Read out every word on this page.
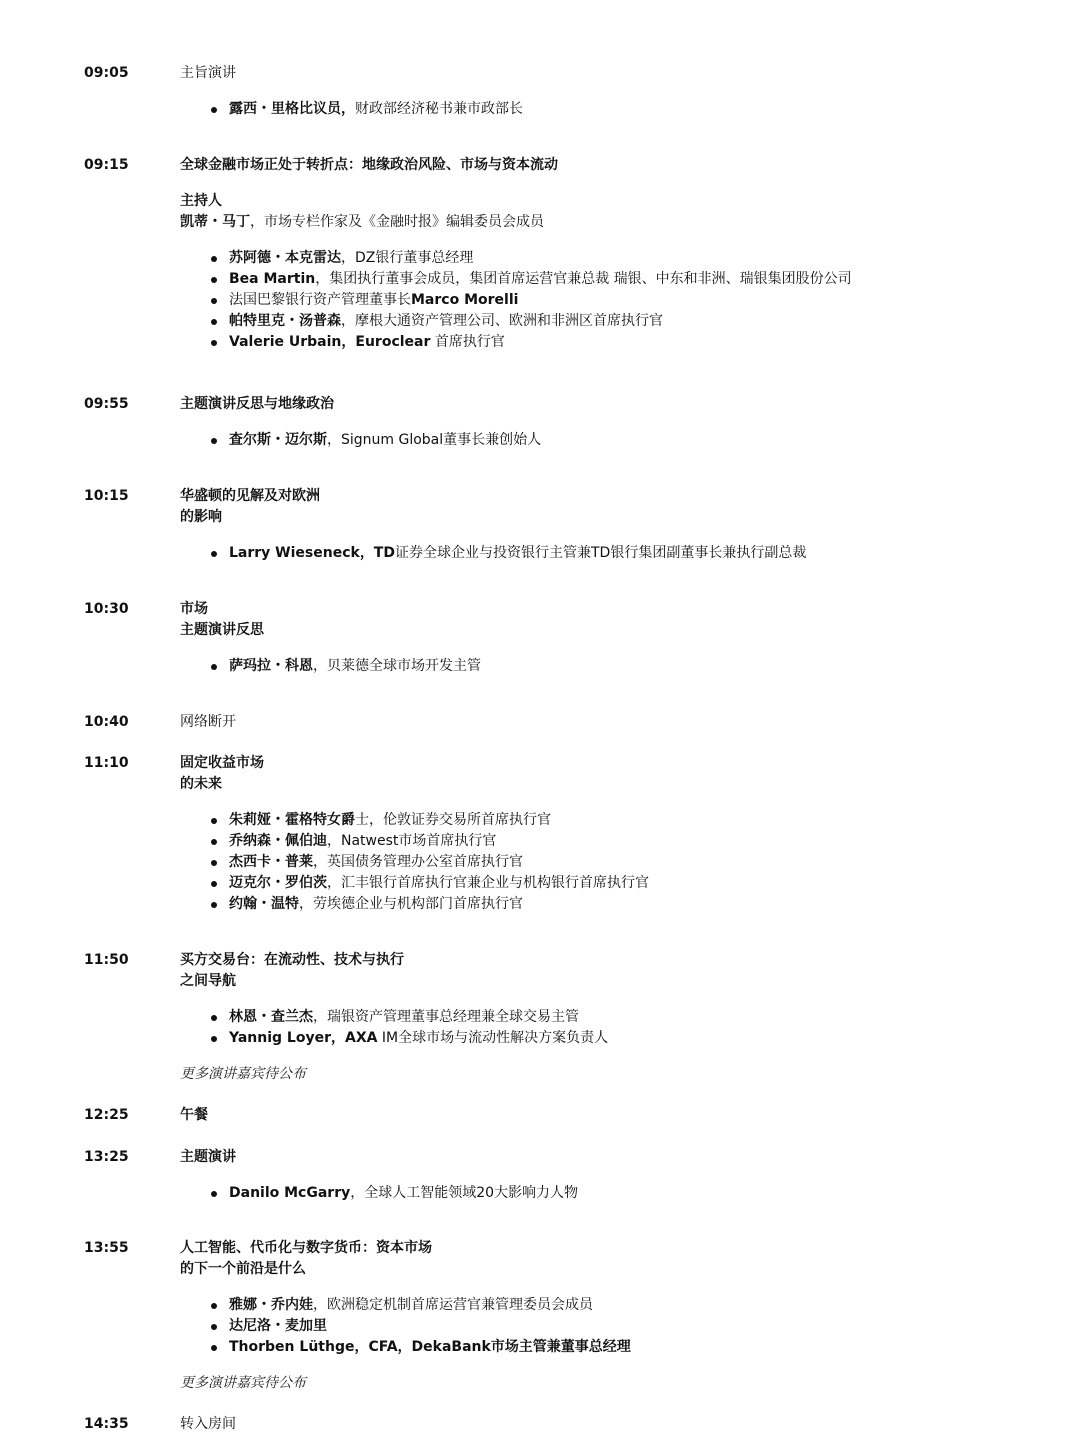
09:05	主旨演讲
露西・里格比议员，财政部经济秘书兼市政部长
09:15	全球金融市场正处于转折点：地缘政治风险、市场与资本流动
主持人
凯蒂・马丁，市场专栏作家及《金融时报》编辑委员会成员
苏阿德・本克雷达，DZ银行董事总经理
Bea Martin，集团执行董事会成员，集团首席运营官兼总裁 瑞银、中东和非洲、瑞银集团股份公司
法国巴黎银行资产管理董事长Marco Morelli
帕特里克・汤普森，摩根大通资产管理公司、欧洲和非洲区首席执行官
Valerie Urbain，Euroclear 首席执行官
09:55	主题演讲反思与地缘政治
查尔斯・迈尔斯，Signum Global董事长兼创始人
10:15	华盛顿的见解及对欧洲
的影响
Larry Wieseneck，TD证券全球企业与投资银行主管兼TD银行集团副董事长兼执行副总裁
10:30	市场
主题演讲反思
萨玛拉・科恩，贝莱德全球市场开发主管
10:40	网络断开
11:10	固定收益市场
的未来
朱莉娅・霍格特女爵士，伦敦证券交易所首席执行官
乔纳森・佩伯迪，Natwest市场首席执行官
杰西卡・普莱，英国债务管理办公室首席执行官
迈克尔・罗伯茨，汇丰银行首席执行官兼企业与机构银行首席执行官
约翰・温特，劳埃德企业与机构部门首席执行官
11:50	买方交易台：在流动性、技术与执行
之间导航
林恩・查兰杰，瑞银资产管理董事总经理兼全球交易主管
Yannig Loyer，AXA IM全球市场与流动性解决方案负责人
更多演讲嘉宾待公布
12:25	午餐
13:25	主题演讲
Danilo McGarry，全球人工智能领域20大影响力人物
13:55	人工智能、代币化与数字货币：资本市场
的下一个前沿是什么
雅娜・乔内娃，欧洲稳定机制首席运营官兼管理委员会成员
达尼洛・麦加里
Thorben Lüthge，CFA，DekaBank市场主管兼董事总经理
更多演讲嘉宾待公布
14:35	转入房间
